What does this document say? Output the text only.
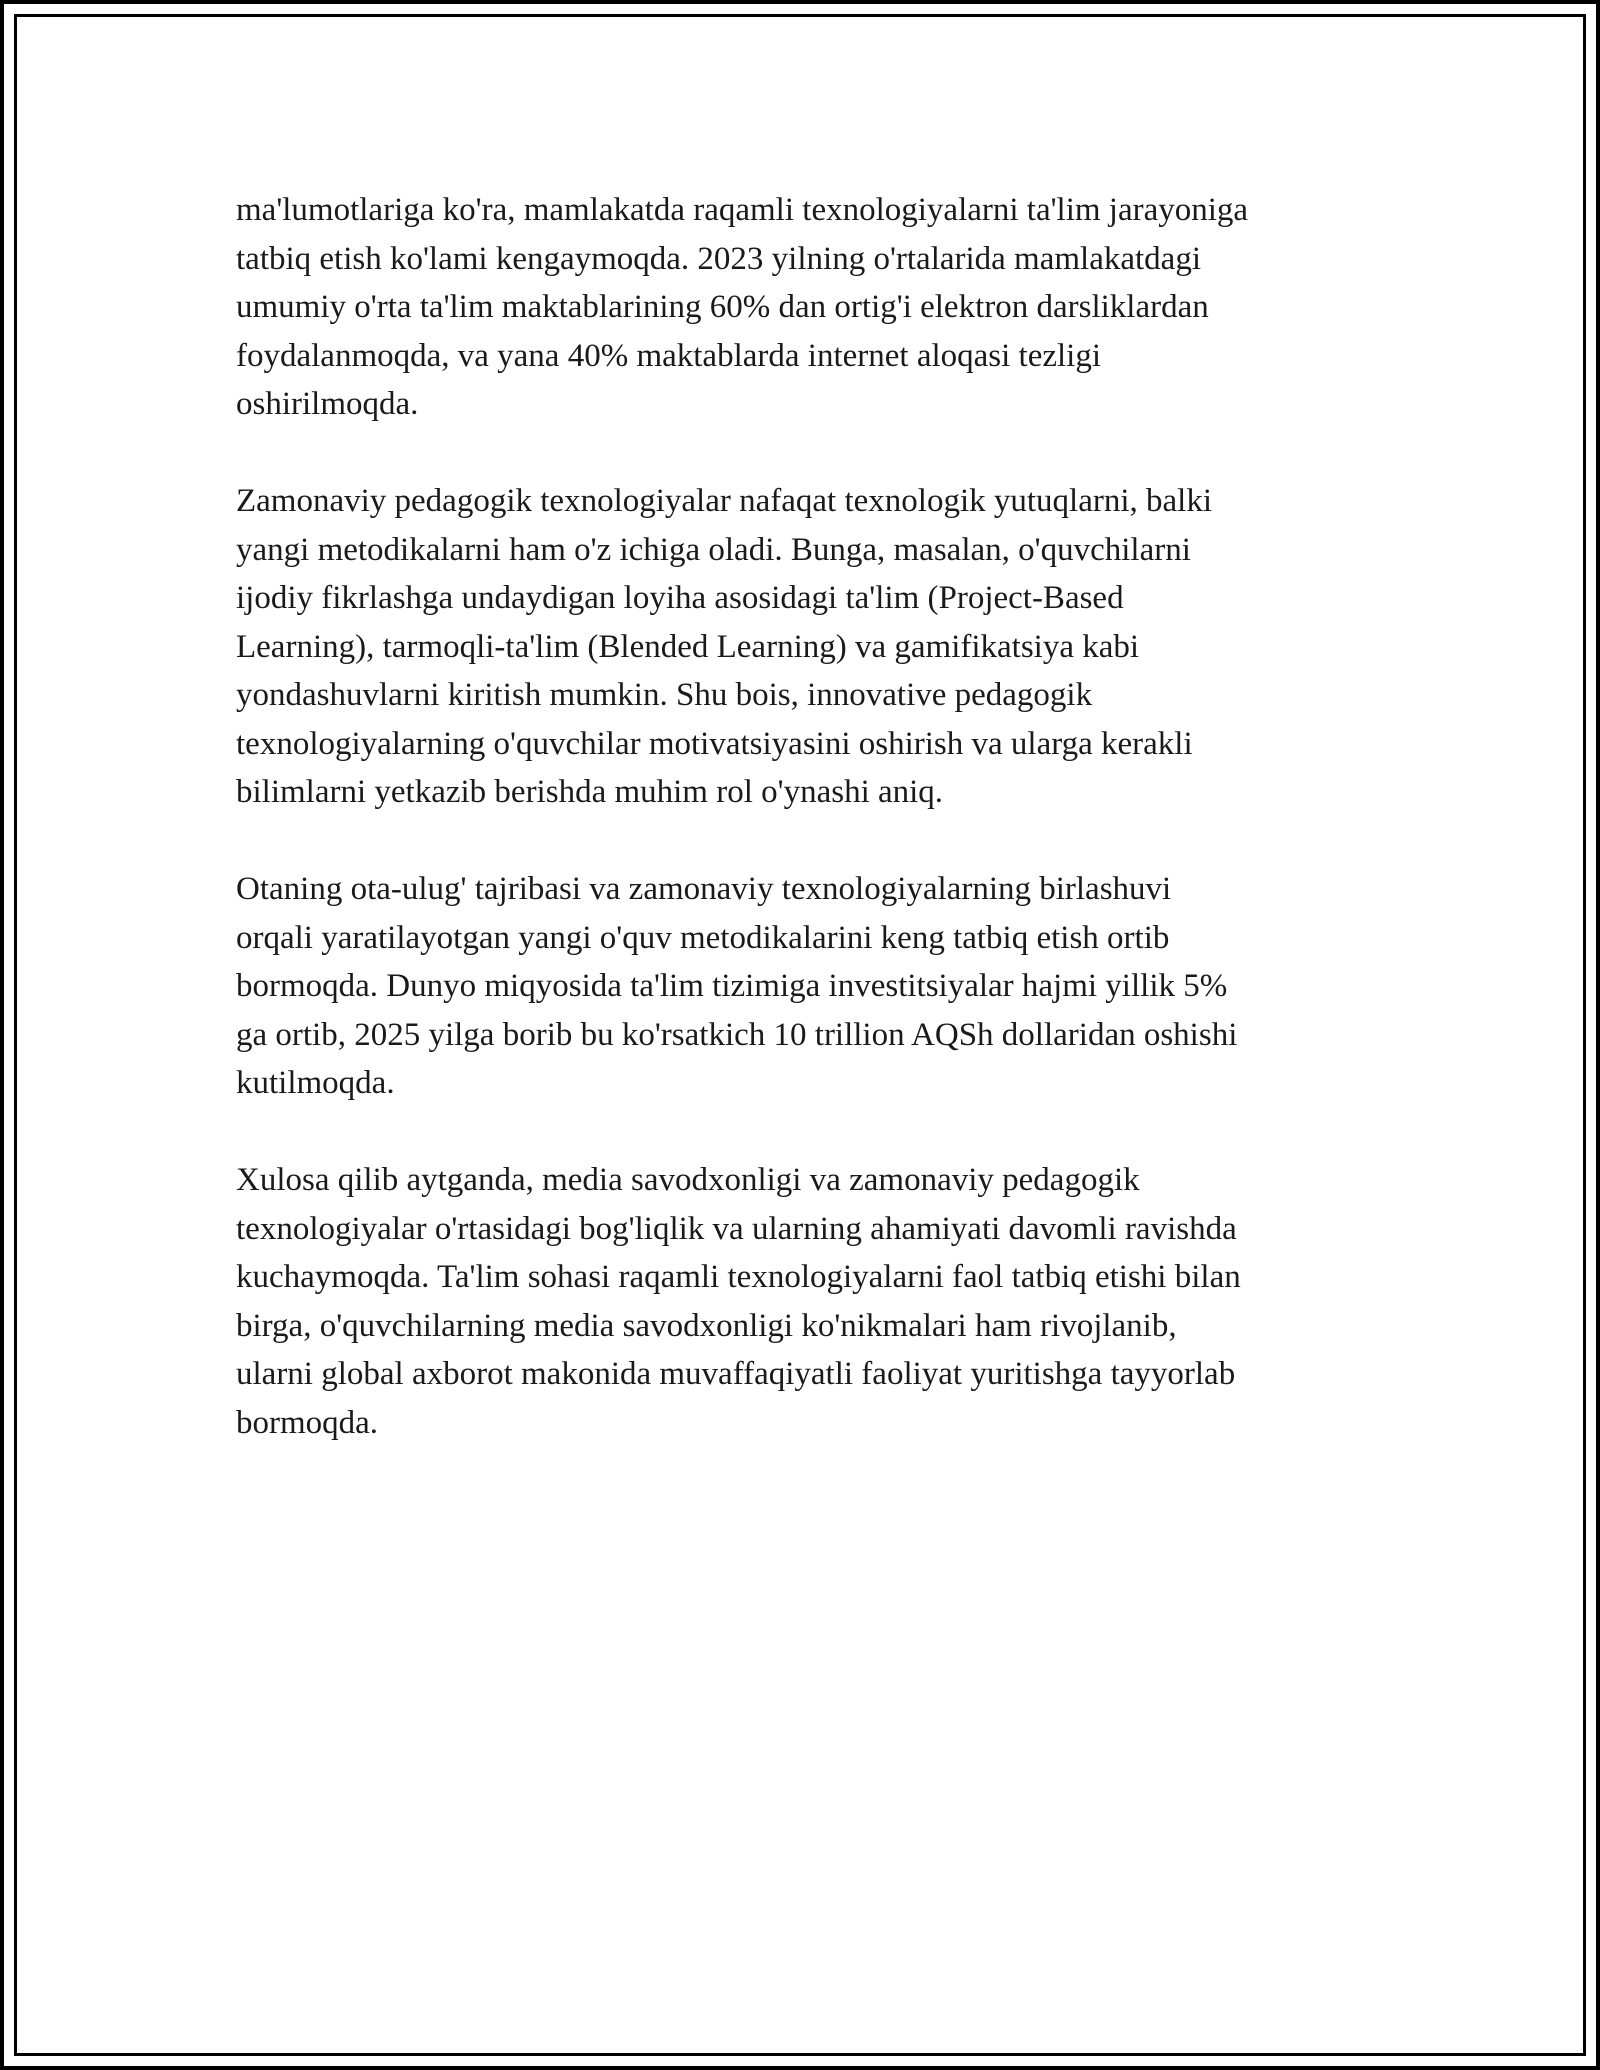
ma'lumotlariga ko'ra, mamlakatda raqamli texnologiyalarni ta'lim jarayoniga
tatbiq etish ko'lami kengaymoqda. 2023 yilning o'rtalarida mamlakatdagi
umumiy o'rta ta'lim maktablarining 60% dan ortig'i elektron darsliklardan
foydalanmoqda, va yana 40% maktablarda internet aloqasi tezligi
oshirilmoqda.

Zamonaviy pedagogik texnologiyalar nafaqat texnologik yutuqlarni, balki
yangi metodikalarni ham o'z ichiga oladi. Bunga, masalan, o'quvchilarni
ijodiy fikrlashga undaydigan loyiha asosidagi ta'lim (Project-Based
Learning), tarmoqli-ta'lim (Blended Learning) va gamifikatsiya kabi
yondashuvlarni kiritish mumkin. Shu bois, innovative pedagogik
texnologiyalarning o'quvchilar motivatsiyasini oshirish va ularga kerakli
bilimlarni yetkazib berishda muhim rol o'ynashi aniq.

Otaning ota-ulug' tajribasi va zamonaviy texnologiyalarning birlashuvi
orqali yaratilayotgan yangi o'quv metodikalarini keng tatbiq etish ortib
bormoqda. Dunyo miqyosida ta'lim tizimiga investitsiyalar hajmi yillik 5%
ga ortib, 2025 yilga borib bu ko'rsatkich 10 trillion AQSh dollaridan oshishi
kutilmoqda.

Xulosa qilib aytganda, media savodxonligi va zamonaviy pedagogik
texnologiyalar o'rtasidagi bog'liqlik va ularning ahamiyati davomli ravishda
kuchaymoqda. Ta'lim sohasi raqamli texnologiyalarni faol tatbiq etishi bilan
birga, o'quvchilarning media savodxonligi ko'nikmalari ham rivojlanib,
ularni global axborot makonida muvaffaqiyatli faoliyat yuritishga tayyorlab
bormoqda.
